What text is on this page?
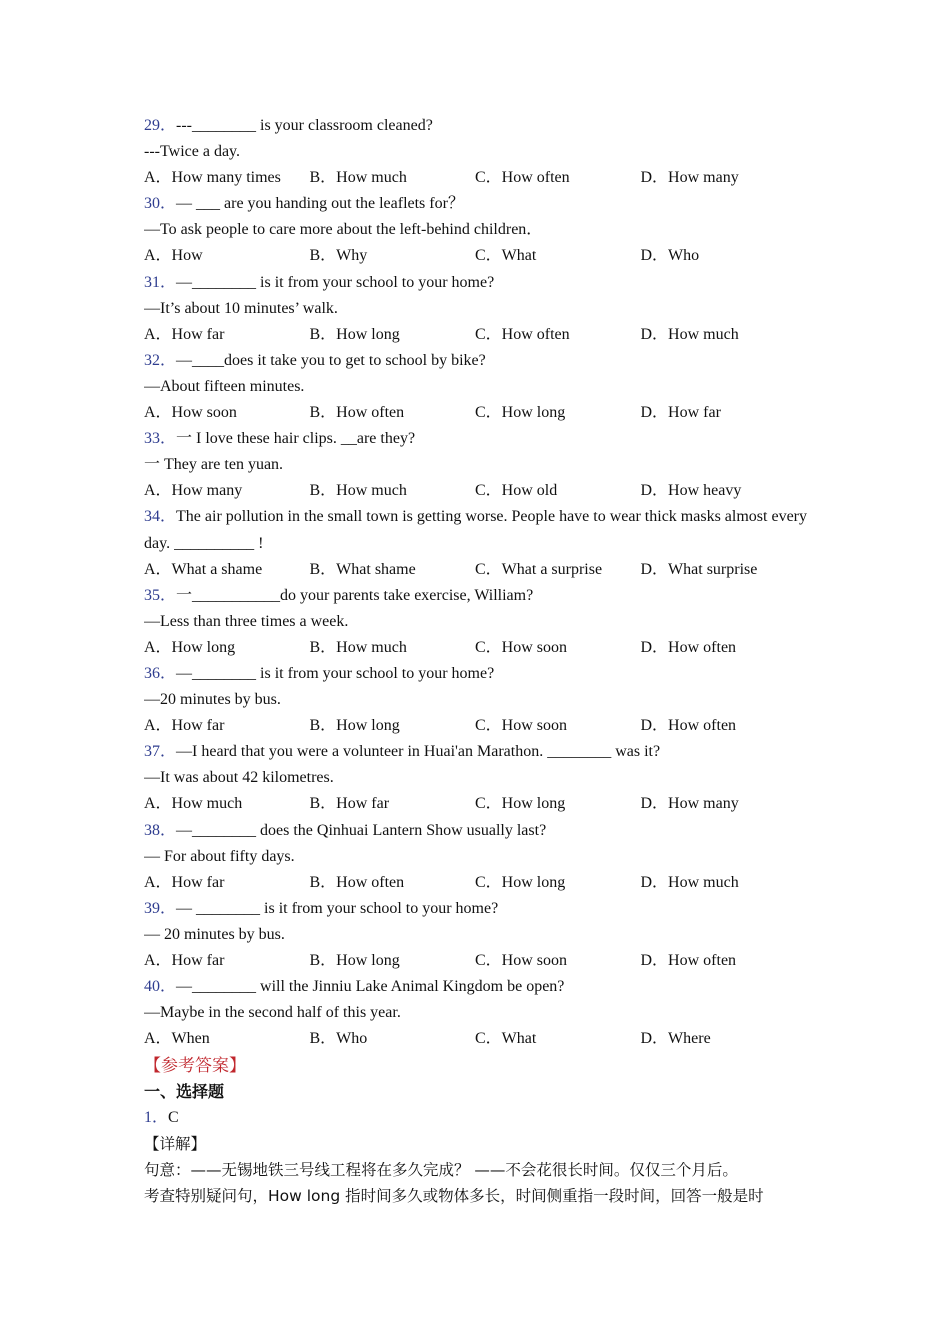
29．---________ is your classroom cleaned?
---Twice a day.
A．How many times	B．How much	C．How often	D．How many
30．— ___ are you handing out the leaflets for？
—To ask people to care more about the left-behind children．
A．How	B．Why	C．What	D．Who
31．—________ is it from your school to your home?
—It’s about 10 minutes’ walk.
A．How far	B．How long	C．How often	D．How much
32．—____does it take you to get to school by bike?
—About fifteen minutes.
A．How soon	B．How often	C．How long	D．How far
33．一 I love these hair clips. __are they?
一 They are ten yuan.
A．How many	B．How much	C．How old	D．How heavy
34．The air pollution in the small town is getting worse. People have to wear thick masks almost every day. __________ !
A．What a shame	B．What shame	C．What a surprise	D．What surprise
35．一___________do your parents take exercise, William?
—Less than three times a week.
A．How long	B．How much	C．How soon	D．How often
36．—________ is it from your school to your home?
—20 minutes by bus.
A．How far	B．How long	C．How soon	D．How often
37．—I heard that you were a volunteer in Huai'an Marathon. ________ was it?
—It was about 42 kilometres.
A．How much	B．How far	C．How long	D．How many
38．—________ does the Qinhuai Lantern Show usually last?
— For about fifty days.
A．How far	B．How often	C．How long	D．How much
39．— ________ is it from your school to your home?
— 20 minutes by bus.
A．How far	B．How long	C．How soon	D．How often
40．—________ will the Jinniu Lake Animal Kingdom be open?
—Maybe in the second half of this year.
A．When	B．Who	C．What	D．Where
【参考答案】
一、选择题
1．C
【详解】
句意：——无锡地铁三号线工程将在多久完成？ ——不会花很长时间。仅仅三个月后。
考查特别疑问句，How long 指时间多久或物体多长，时间侧重指一段时间，回答一般是时
